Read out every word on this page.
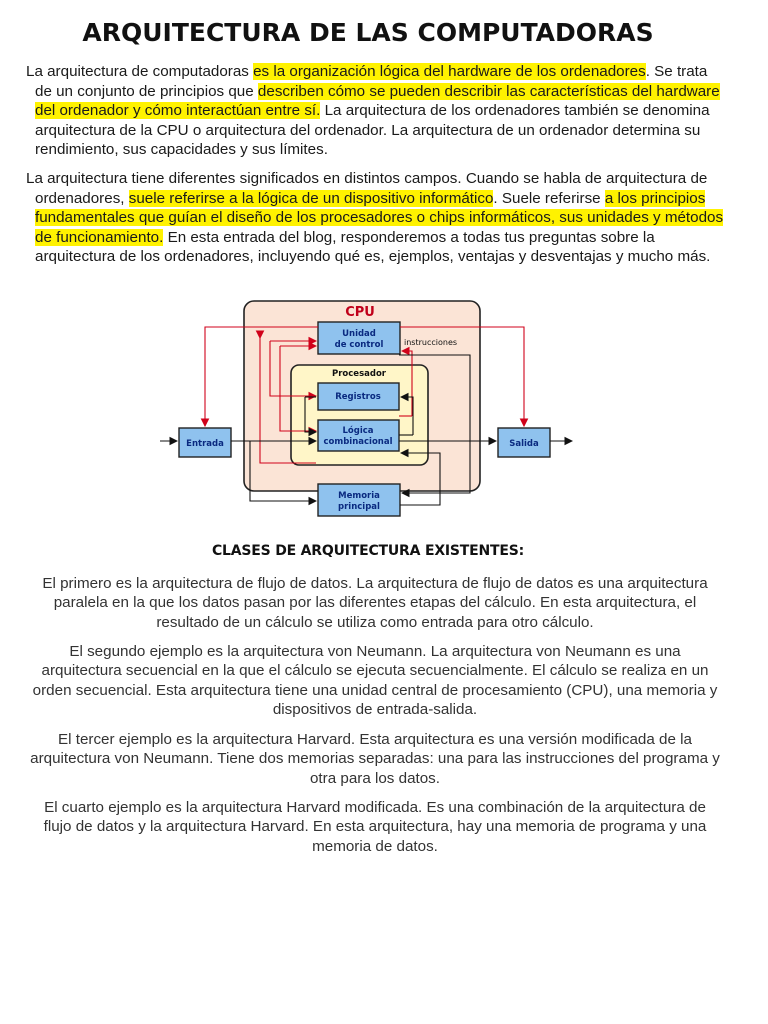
ARQUITECTURA DE LAS COMPUTADORAS

La arquitectura de computadoras es la organización lógica del hardware de los ordenadores. Se trata de un conjunto de principios que describen cómo se pueden describir las características del hardware del ordenador y cómo interactúan entre sí. La arquitectura de los ordenadores también se denomina arquitectura de la CPU o arquitectura del ordenador. La arquitectura de un ordenador determina su rendimiento, sus capacidades y sus límites.

La arquitectura tiene diferentes significados en distintos campos. Cuando se habla de arquitectura de ordenadores, suele referirse a la lógica de un dispositivo informático. Suele referirse a los principios fundamentales que guían el diseño de los procesadores o chips informáticos, sus unidades y métodos de funcionamiento. En esta entrada del blog, responderemos a todas tus preguntas sobre la arquitectura de los ordenadores, incluyendo qué es, ejemplos, ventajas y desventajas y mucho más.

CPU
Procesador
Unidad
de control	instrucciones
Registros
Lógica
combinacional
Entrada	Salida
Memoria
principal
CLASES DE ARQUITECTURA EXISTENTES:

El primero es la arquitectura de flujo de datos. La arquitectura de flujo de datos es una arquitectura paralela en la que los datos pasan por las diferentes etapas del cálculo. En esta arquitectura, el resultado de un cálculo se utiliza como entrada para otro cálculo.

El segundo ejemplo es la arquitectura von Neumann. La arquitectura von Neumann es una arquitectura secuencial en la que el cálculo se ejecuta secuencialmente. El cálculo se realiza en un orden secuencial. Esta arquitectura tiene una unidad central de procesamiento (CPU), una memoria y dispositivos de entrada-salida.

El tercer ejemplo es la arquitectura Harvard. Esta arquitectura es una versión modificada de la arquitectura von Neumann. Tiene dos memorias separadas: una para las instrucciones del programa y otra para los datos.

El cuarto ejemplo es la arquitectura Harvard modificada. Es una combinación de la arquitectura de flujo de datos y la arquitectura Harvard. En esta arquitectura, hay una memoria de programa y una memoria de datos.
